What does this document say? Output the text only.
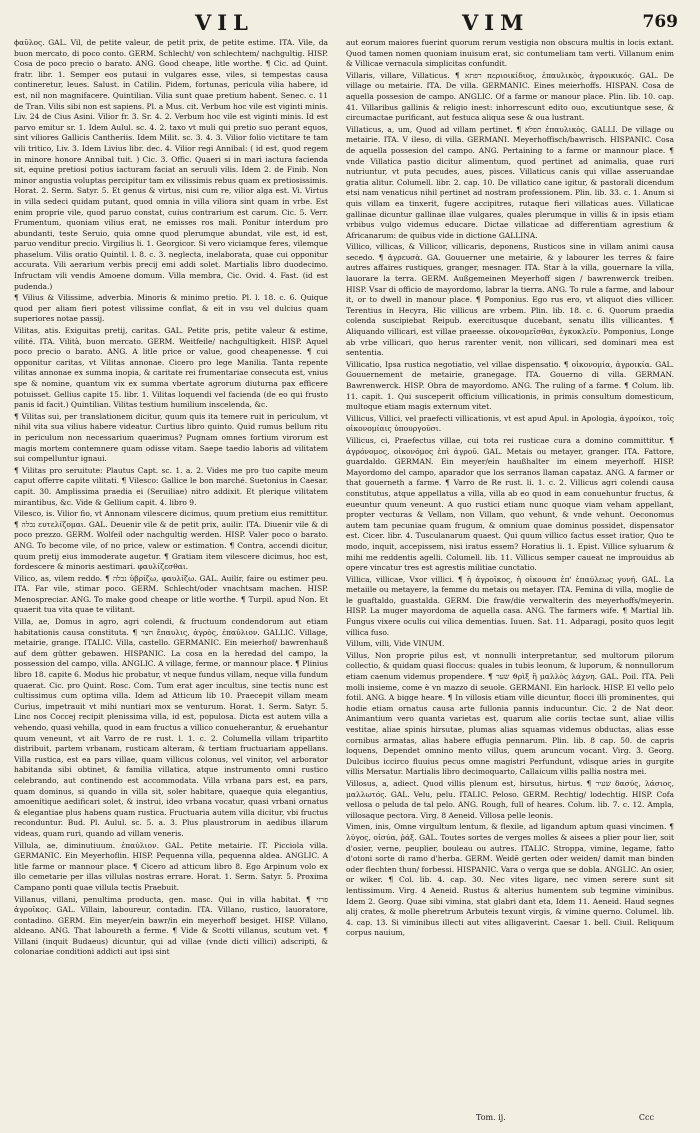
VIL	VIM	769

ϕαῦλος. GAL. Vil, de petite valeur, de petit prix, de petite estime. ITA. Vile, da buon mercato, di poco conto. GERM. Schlecht/ von schlechtem/ nachgultig. HISP. Cosa de poco precio o barato. ANG. Good cheape, litle worthe. ¶ Cic. ad Quint. fratr. libr. 1. Semper eos putaui in vulgares esse, viles, si tempestas causa contineretur, leues. Salust. in Catilin. Pidem, fortunas, pericula vilia habere, id est, nil non magnifacere. Quintilian. Vilia sunt quae pretium habent. Senec. c. 11 de Tran. Vilis sibi non est sapiens. Pl. a Mus. cit. Verbum hoc vile est viginti minis. Liv. 24 de Cius Asini. Vilior fr. 3. Sr. 4. 2. Verbum hoc vile est viginti minis. Id est parvo emitur sr. 1. Idem Aulul. sc. 4. 2. taxo vt muli qui pretio suo perant equos, sint viliores Gallicis Cantheriis. Idem Milit. sc. 3. 4. 3. Vilior folio victitare te tam vili tritico, Liv. 3. Idem Livius libr. dec. 4. Vilior regi Annibal: ( id est, quod regem in minore honore Annibal tuit. ) Cic. 3. Offic. Quaeri si in mari iactura facienda sit, equine pretiosi potius iacturam faciat an seruuli vilis. Idem 2. de Finib. Non minor angustia voluptas percipitur tam ex vilissimis rebus quam ex pretiosissimis. Horat. 2. Serm. Satyr. 5. Et genus & virtus, nisi cum re, vilior alga est. Vi. Virtus in villa sedeci quidam putant, quod omnia in villa viliora sint quam in vrbe. Est enim proprie vile, quod paruo constat, cuius contrarium est carum. Cic. 5. Verr. Frumentum, quoniam vilius erat, ne emisses ros mali. Ponitur interdum pro abundanti, teste Seruio, quia omne quod plerumque abundat, vile est, id est, paruo venditur precio. Virgilius li. 1. Georgicor. Si vero viciamque feres, vilemque phaselum. Vilis oratio Quintil. l. 8. c. 3. neglecta, inelaborata, quae cui opponitur accurata. Vili aerarium verbis precij emi addi solet. Martialis libro duodecimo. Infructam vili vendis Amoene domum. Villa membra, Cic. Ovid. 4. Fast. (id est pudenda.)

¶ Vilius & Vilissime, adverbia. Minoris & minimo pretio. Pl. l. 18. c. 6. Quique quod per aliam fieri potest vilissime conflat, & eit in vsu vel dulcius quam superiores notae passij.

Vilitas, atis. Exiguitas pretij, caritas. GAL. Petite pris, petite valeur & estime, vilité. ITA. Vilità, buon mercato. GERM. Weitfeile/ nachgultigkeit. HISP. Aquel poco precio o barato. ANG. A litle price or value, good cheapenesse. ¶ cui opponitur caritas, vt Vilitas annonae. Cicero pro lege Manilia. Tanta repente vilitas annonae ex summa inopia, & caritate rei frumentariae consecuta est, vnius spe & nomine, quantum vix ex summa vbertate agrorum diuturna pax efficere potuisset. Gellius capite 15. libr. 1. Vilitas loquendi vel facienda (de eo qui frusto panis id facit.) Quintilian. Vilitas testium humilium inscelenda, &c.

¶ Vilitas sui, per translationem dicitur, quum quis ita temere ruit in periculum, vt nihil vita sua vilius habere videatur. Curtius libro quinto. Quid rumus bellum ritu in periculum non necessarium quaerimus? Pugnam omnes fortium virorum est magis mortem contemnere quam odisse vitam. Saepe taedio laboris ad vilitatem sui compelluntur ignaui.

¶ Vilitas pro seruitute: Plautus Capt. sc. 1. a. 2. Vides me pro tuo capite meum caput offerre capite vilitati. ¶ Vilesco: Gallice le bon marché. Suetonius in Caesar. capit. 30. Amplissima praedia ei (Seruiliae) nitro addixit. Et plerique vilitatem mirantibus, &c. Vide & Gellium capit. 4. libro 9.

Vilesco, is. Vilior fio, vt Annonam vilescere dicimus, quum pretium eius remittitur. ¶ נבלה ευτελίζομαι. GAL. Deuenir vile & de petit prix, auilir. ITA. Diuenir vile & di poco prezzo. GERM. Wolfeil oder nachgultig werden. HISP. Valer poco o barato. ANG. To become vile, of no price, valew or estimation. ¶ Contra, accendi dicitur, quum pretij eius immoderate augetur. ¶ Gratiam item vilescere dicimus, hoc est, fordescere & minoris aestimari. φαυλίζεσθαι.

Vilico, as, vilem reddo. ¶ נבלה ὑβρίζω, φαυλίζω. GAL. Auilir, faire ou estimer peu. ITA. Far vile, stimar poco. GERM. Schlecht/oder vnachtsam machen. HISP. Menospreciar. ANG. To make good cheape or litle worthe. ¶ Turpil. apud Non. Et quaerit tua vita quae te vilitant.

Villa, ae, Domus in agro, agri colendi, & fructuum condendorum aut etiam habitationis causa constituta. ¶ חצר ἔπαυλις, ἀγρὸς, ἐπαύλιον. GALLIC. Village, metairie, grange. ITALIC. Villa, castello. GERMANIC. Ein meierhof/ bawrenhauß auf dem gütter gebawen. HISPANIC. La cosa en la heredad del campo, la possession del campo, villa. ANGLIC. A village, ferme, or mannour place. ¶ Plinius libro 18. capite 6. Modus hic probatur, vt neque fundus villam, neque villa fundum quaerat. Cic. pro Quint. Rosc. Com. Tum erat ager incultus, sine tectis nunc est cultissimus cum optima villa. Idem ad Atticum lib 10. Praecepit villam meam Curius, impetrauit vt mihi nuntiari mox se venturum. Horat. 1. Serm. Satyr. 5. Linc nos Coccej recipit plenissima villa, id est, populosa. Dicta est autem villa a vehendo, quasi vehilla, quod in eam fructus a villico conueherantur, & eruehantur quum veneunt, vt ait Varro de re rust. l. 1. c. 2. Columella villam tripartito distribuit, partem vrbanam, rusticam alteram, & tertiam fructuariam appellans. Villa rustica, est ea pars villae, quam villicus colonus, vel vinitor, vel arborator habitanda sibi obtinet, & familia villatica, atque instrumento omni rustico celebrando, aut continendo est accommodata. Villa vrbana pars est, ea pars, quam dominus, si quando in villa sit, soler habitare, quaeque quia elegantius, amoenitique aedificari solet, & instrui, ideo vrbana vocatur, quasi vrbani ornatus & elegantiae plus habens quam rustica. Fructuaria autem villa dicitur, vbi fructus reconduntur. Bud. Pl. Aulul. sc. 5. a. 3. Plus plaustrorum in aedibus illarum videas, quam ruri, quando ad villam veneris.

Villula, ae, diminutiuum. ἐπαύλιον. GAL. Petite metairie. IT. Picciola villa. GERMANIC. Ein Meyerhoflin. HISP. Pequenna villa, pequenna aldea. ANGLIC. A litle farme or mannour place. ¶ Cicero ad atticum libro 8. Ego Arpinum volo ex illo cemetarie per illas villulas nostras errare. Horat. 1. Serm. Satyr. 5. Proxima Campano ponti quae villula tectis Praebuit.

Villanus, villani, penultima producta, gen. masc. Qui in villa habitat. ¶ פרזי ἀγροῖκος. GAL. Villain, laboureur, contadin. ITA. Villano, rustico, lauoratore, contadino. GERM. Ein meyer/ein bawr/in ein meyerhoff besiget. HISP. Villano, aldeano. ANG. That laboureth a ferme. ¶ Vide & Scotti villanus, scutum vet. ¶ Villani (inquit Budaeus) dicuntur, qui ad villae (vnde dicti villici) adscripti, & colonariae conditioni addicti aut ipsi sint

aut eorum maiores fuerint quorum rerum vestigia non obscura multis in locis extant. Quod tamen nomen quoniam inuisum erat, sic contumeliam tam verti. Villanum enim & Villicae vernacula simplicitas confundit.

Villaris, villare, Villaticus. ¶ רפתא περιοικίδιος, ἐπαυλικὸς, ἀγροικικός. GAL. De village ou metairie. ITA. De villa. GERMANIC. Eines meierhoffs. HISPAN. Cosa de aquella possesion de campo. ANGLIC. Of a farme or manour place. Plin. lib. 10. cap. 41. Villaribus gallinis & religio inest: inhorrescunt edito ouo, excutiuntque sese, & circumactae purificant, aut festuca aliqua sese & oua lustrant.

Villaticus, a, um, Quod ad villam pertinet. ¶ תפלא ἐπαυλικὸς. GALLI. De village ou metairie. ITA. V ileso, di villa. GERMANI. Meyerhoffisch/bawrisch. HISPANIC. Cosa de aquella possesion del campo. ANG. Pertaining to a farme or mannour place. ¶ vnde Villatica pastio dicitur alimentum, quod pertinet ad animalia, quae ruri nutriuntur, vt puta pecudes, aues, pisces. Villaticus canis qui villae asseruandae gratia alitur. Columell. libr. 2. cap. 10. De villatico cane igitur, & pastorali dicendum etsi nam venaticus nihil pertinet ad nostram professionem. Plin. lib. 33. c. 1. Anum si quis villam ea tinxerit, fugere accipitres, rutaque fieri villaticas aues. Villaticae gallinae dicuntur gallinae illae vulgares, quales plerumque in villis & in ipsis etiam vrbibus vulgo videmus educare. Dictae villaticae ad differentiam agrestium & Africanarum: de quibus vide in dictione GALLINA.

Villico, villicas, & Villicor, villicaris, deponens, Rusticos sine in villam animi causa secedo. ¶ ἀγρευσὰ. GA. Gouuerner une metairie, & y labourer les terres & faire autres affaires rustiques, granger, mesnager. ITA. Star à la villa, gouernare la villa, lauorare la terra. GERM. Außgemeinen Meyerhoff sigen / bawrenwerck treiben. HISP. Vsar di officio de mayordomo, labrar la tierra. ANG. To rule a farme, and labour it, or to dwell in manour place. ¶ Pomponius. Ego rus ero, vt aliquot dies villicer. Terentius in Hecyra, Hic villicus are vrbem. Plin. lib. 18. c. 6. Quorum praedia colenda suscipiebat Reipub. exercitusque ducebant, senatu illis villicantes. ¶ Aliquando villicari, est villae praeesse. οἰκονομεῖσθαι, ἐγκυκλεῖν. Pomponius, Longe ab vrbe villicari, quo herus rarenter venit, non villicari, sed dominari mea est sententia.

Villicatio, Ipsa rustica negotiatio, vel villae dispensatio. ¶ οἰκονομία, ἀγροικία. GAL. Gouuernement de metairie, granegage. ITA. Gouerno di villa. GERMAN. Bawrenwerck. HISP. Obra de mayordomo. ANG. The ruling of a farme. ¶ Colum. lib. 11. capit. 1. Qui susceperit officium villicationis, in primis consultum domesticum, multoque etiam magis externum vitet.

Villicus, Villici, vel praefecti villicationis, vt est apud Apul. in Apologia, ἀγροίκοι, τοῖς οἰκονομίαις ὑπουργοῦσι.

Villicus, ci, Praefectus villae, cui tota rei rusticae cura a domino committitur. ¶ ἀγρόνομος, οἰκονόμος ἐπὶ ἀγροῦ. GAL. Metais ou metayer, granger. ITA. Fattore, guardaldo. GERMAN. Ein meyer/ein haußhalter im einem meyerhoff. HISP. Mayordomo del campo, aparador que los serranos llaman capataz. ANG. A farmer or that gouerneth a farme. ¶ Varro de Re rust. li. 1. c. 2. Villicus agri colendi causa constitutus, atque appellatus a villa, villa ab eo quod in eam conuehuntur fructus, & eueuntur quum veneunt. A quo rustici etiam nunc quoque viam veham appellant, propter vecturas & Vellam, non Villam, quo vehunt, & vnde vehunt. Oeconomus autem tam pecuniae quam frugum, & omnium quae dominus possidet, dispensator est. Cicer. libr. 4. Tusculanarum quaest. Qui quum villico factus esset iratior, Quo te modo, inquit, accepissem, nisi iratus essem? Horatius li. 1. Epist. Villice syluarum & mihi me reddentis agelli. Columell. lib. 11. Villicus semper caueat ne improuidus ab opere vincatur tres est agrestis militiae cunctatio.

Villica, villicae, Vxor villici. ¶ ἡ ἀγροῖκος, ἡ οἰκουσα ἐπ' ἐπαύλεως γυνή. GAL. La metaiile ou metayere, la femme du metais ou metayer. ITA. Femina di villa, moglie de le guaftaldo, guastalda. GERM. Die fraw/die verwalterin des meyerhoffs/meyerin. HISP. La muger mayordoma de aquella casa. ANG. The farmers wife. ¶ Martial lib. Fungus vixere oculis cui vilica dementias. Iuuen. Sat. 11. Adparagi, posito quos legit villica fuso.

Villum, villi, Vide VINUM.

Villus, Non proprie pilus est, vt nonnulli interpretantur, sed multorum pilorum collectio, & quidam quasi floccus: quales in tubis leonum, & luporum, & nonnullorum etiam caenum videmus propendere. ¶ שער ϑρὶξ ἢ μαλλὸς λάχνη. GAL. Poil. ITA. Peli molli insieme, come è vn mazzo di seuole. GERMANI. Ein harlock. HISP. El vello pelo fotil. ANG. A bigge heare. ¶ In villosis etiam ville dicuntur, flocci illi prominentes, qui hodie etiam ornatus causa arte fullonia pannis inducuntur. Cic. 2 de Nat deor. Animantium vero quanta varietas est, quarum alie coriis tectae sunt, aliae villis vestitae, aliae spinis hirsutae, plumas alias squamas videmus obductas, alias esse cornibus armatas, alias habere effugia pennarum. Plin. lib. 8 cap. 50. de capris loquens, Dependet omnino mento villus, quem aruncum vocant. Virg. 3. Georg. Dulcibus iccirco fluuius pecus omne magistri Perfundunt, vdisque aries in gurgite villis Mersatur. Martialis libro decimoquarto, Callaicum villis pallia nostra mei.

Villosus, a, adiect. Quod villis plenum est, hirsutus, hirtus. ¶ שעיר δασύς, λάσιος, μαλλωτός. GAL. Velu, pelu. ITALIC. Peloso. GERM. Rechtig/ lodechtig. HISP. Cofa vellosa o peluda de tal pelo. ANG. Rough, full of heares. Colum. lib. 7. c. 12. Ampla, villosaque pectora. Virg. 8 Aeneid. Villosa pelle leonis.

Vimen, inis, Omne virgultum lentum, & flexile, ad ligandum aptum quasi vincimen. ¶ λύγος, οἰσύα, ῥάξ. GAL. Toutes sortes de verges molles & aisees a plier pour lier, soit d'osier, verne, peuplier, bouleau ou autres. ITALIC. Stroppa, vimine, legame, fatto d'otoni sorte di ramo d'herba. GERM. Weidē gerten oder weiden/ damit man binden oder flechten thun/ forbessi. HISPANIC. Vara o verga que se dobla. ANGLIC. An osier, or wiker. ¶ Col. lib. 4. cap. 30. Nec vites ligare, nec vimen serere sunt sit lentissimum. Virg. 4 Aeneid. Rustus & alterius humentem sub tegmine viminibus. Idem 2. Georg. Quae sibi vimina, stat glabri dant eta, Idem 11. Aeneid. Haud segnes alij crates, & molle pheretrum Arbuteis texunt virgis, & vimine querno. Columel. lib. 4. cap. 13. Si viminibus illecti aut vites alligaverint. Caesar 1. bell. Ciuil. Reliquum corpus nauium,

Tom. ij.	Ccc
